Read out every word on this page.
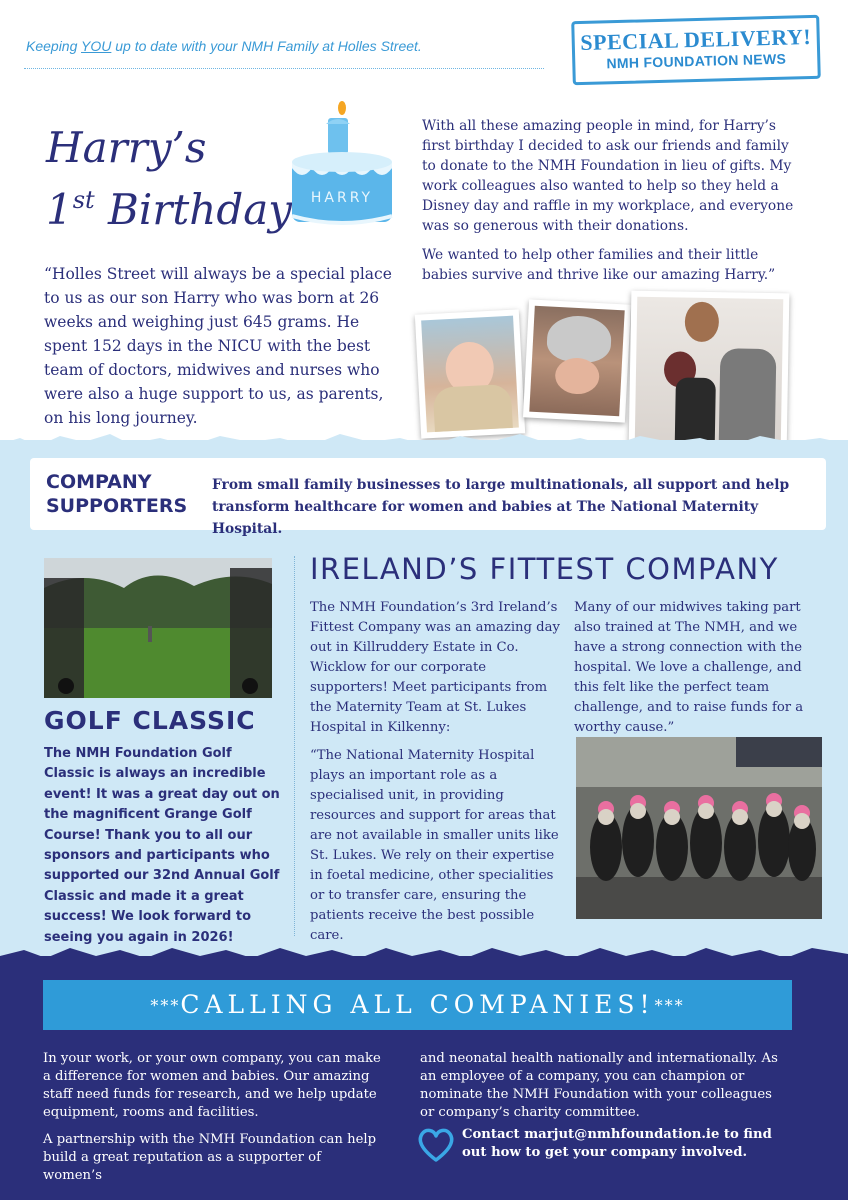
Keeping YOU up to date with your NMH Family at Holles Street.	SPECIAL DELIVERY!
NMH FOUNDATION NEWS
Harry’s
1st Birthday HARRY
“Holles Street will always be a special place to us as our son Harry who was born at 26 weeks and weighing just 645 grams. He spent 152 days in the NICU with the best team of doctors, midwives and nurses who were also a huge support to us, as parents, on his long journey.

With all these amazing people in mind, for Harry’s first birthday I decided to ask our friends and family to donate to the NMH Foundation in lieu of gifts. My work colleagues also wanted to help so they held a Disney day and raffle in my workplace, and everyone was so generous with their donations.

We wanted to help other families and their little babies survive and thrive like our amazing Harry.”

COMPANY
SUPPORTERS
From small family businesses to large multinationals, all support and help transform healthcare for women and babies at The National Maternity Hospital.
GOLF CLASSIC
The NMH Foundation Golf Classic is always an incredible event! It was a great day out on the magnificent Grange Golf Course! Thank you to all our sponsors and participants who supported our 32nd Annual Golf Classic and made it a great success! We look forward to seeing you again in 2026!
IRELAND’S FITTEST COMPANY

The NMH Foundation’s 3rd Ireland’s Fittest Company was an amazing day out in Killruddery Estate in Co. Wicklow for our corporate supporters! Meet participants from the Maternity Team at St. Lukes Hospital in Kilkenny:

“The National Maternity Hospital plays an important role as a specialised unit, in providing resources and support for areas that are not available in smaller units like St. Lukes. We rely on their expertise in foetal medicine, other specialities or to transfer care, ensuring the patients receive the best possible care.

Many of our midwives taking part also trained at The NMH, and we have a strong connection with the hospital. We love a challenge, and this felt like the perfect team challenge, and to raise funds for a worthy cause.”
***CALLING ALL COMPANIES!***

In your work, or your own company, you can make a difference for women and babies. Our amazing staff need funds for research, and we help update equipment, rooms and facilities.

A partnership with the NMH Foundation can help build a great reputation as a supporter of women’s

and neonatal health nationally and internationally. As an employee of a company, you can champion or nominate the NMH Foundation with your colleagues or company’s charity committee.
Contact marjut@nmhfoundation.ie to find out how to get your company involved.
